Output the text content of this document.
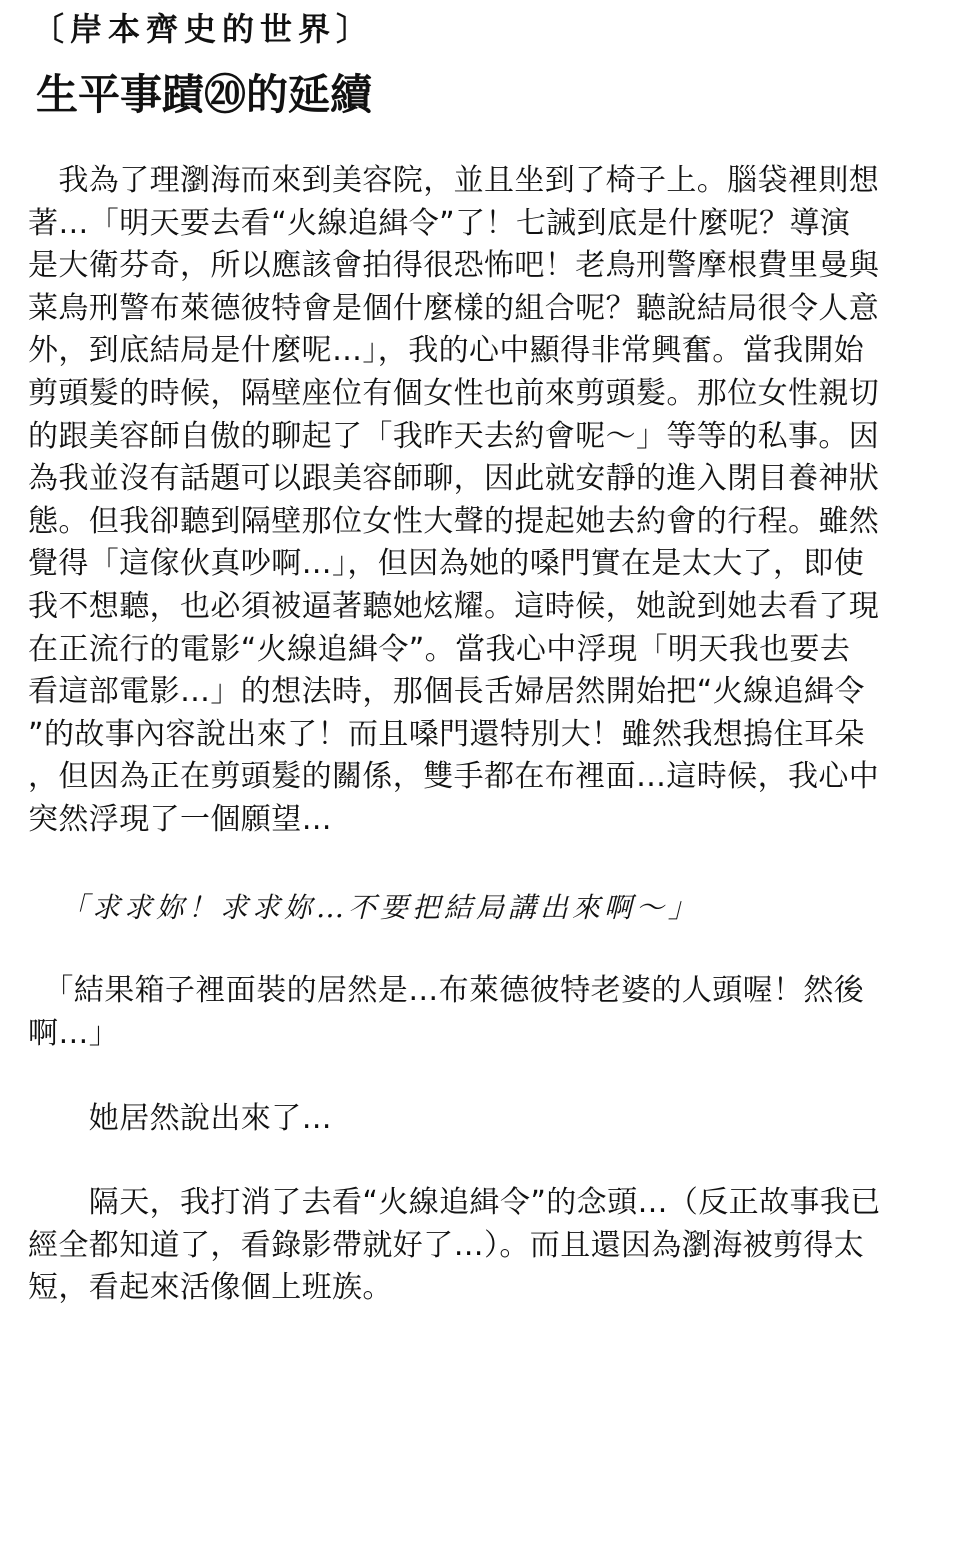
〔岸本齊史的世界〕
生平事蹟⑳的延續
　我為了理瀏海而來到美容院，並且坐到了椅子上。腦袋裡則想
著…「明天要去看“火線追緝令”了！七誡到底是什麼呢？導演
是大衛芬奇，所以應該會拍得很恐怖吧！老鳥刑警摩根費里曼與
菜鳥刑警布萊德彼特會是個什麼樣的組合呢？聽說結局很令人意
外，到底結局是什麼呢…」，我的心中顯得非常興奮。當我開始
剪頭髮的時候，隔壁座位有個女性也前來剪頭髮。那位女性親切
的跟美容師自傲的聊起了「我昨天去約會呢～」等等的私事。因
為我並沒有話題可以跟美容師聊，因此就安靜的進入閉目養神狀
態。但我卻聽到隔壁那位女性大聲的提起她去約會的行程。雖然
覺得「這傢伙真吵啊…」，但因為她的嗓門實在是太大了，即使
我不想聽，也必須被逼著聽她炫耀。這時候，她說到她去看了現
在正流行的電影“火線追緝令”。當我心中浮現「明天我也要去
看這部電影…」的想法時，那個長舌婦居然開始把“火線追緝令
”的故事內容說出來了！而且嗓門還特別大！雖然我想摀住耳朵
，但因為正在剪頭髮的關係，雙手都在布裡面…這時候，我心中
突然浮現了一個願望…
「求求妳！求求妳…不要把結局講出來啊～」
　「結果箱子裡面裝的居然是…布萊德彼特老婆的人頭喔！然後
啊…」
　　她居然說出來了…
　　隔天，我打消了去看“火線追緝令”的念頭…（反正故事我已
經全都知道了，看錄影帶就好了…）。而且還因為瀏海被剪得太
短，看起來活像個上班族。
